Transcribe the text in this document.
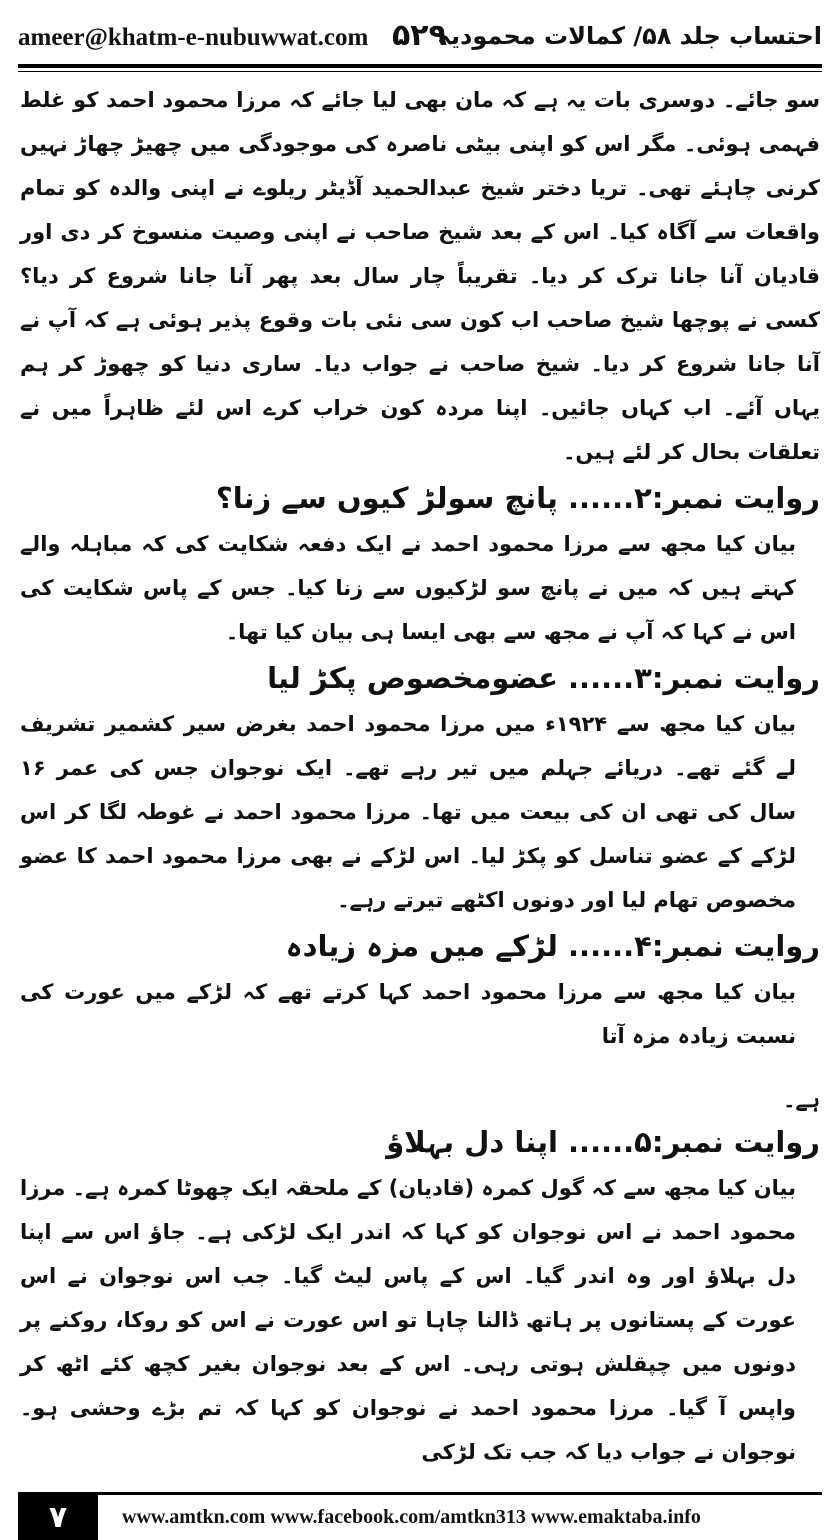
ameer@khatm-e-nubuwwat.com ۵۲۹
احتساب جلد ۵۸/ کمالات محمودیہ

سو جائے۔ دوسری بات یہ ہے کہ مان بھی لیا جائے کہ مرزا محمود احمد کو غلط فہمی ہوئی۔ مگر اس کو اپنی بیٹی ناصرہ کی موجودگی میں چھیڑ چھاڑ نہیں کرنی چاہئے تھی۔ تریا دختر شیخ عبدالحمید آڈیٹر ریلوے نے اپنی والدہ کو تمام واقعات سے آگاہ کیا۔ اس کے بعد شیخ صاحب نے اپنی وصیت منسوخ کر دی اور قادیان آنا جانا ترک کر دیا۔ تقریباً چار سال بعد پھر آنا جانا شروع کر دیا؟ کسی نے پوچھا شیخ صاحب اب کون سی نئی بات وقوع پذیر ہوئی ہے کہ آپ نے آنا جانا شروع کر دیا۔ شیخ صاحب نے جواب دیا۔ ساری دنیا کو چھوڑ کر ہم یہاں آئے۔ اب کہاں جائیں۔ اپنا مردہ کون خراب کرے اس لئے ظاہراً میں نے تعلقات بحال کر لئے ہیں۔

روایت نمبر:۲...... پانچ سولڑ کیوں سے زنا؟

بیان کیا مجھ سے مرزا محمود احمد نے ایک دفعہ شکایت کی کہ مباہلہ والے کہتے ہیں کہ میں نے پانچ سو لڑکیوں سے زنا کیا۔ جس کے پاس شکایت کی اس نے کہا کہ آپ نے مجھ سے بھی ایسا ہی بیان کیا تھا۔

روایت نمبر:۳...... عضومخصوص پکڑ لیا

بیان کیا مجھ سے ۱۹۲۴ء میں مرزا محمود احمد بغرض سیر کشمیر تشریف لے گئے تھے۔ دریائے جہلم میں تیر رہے تھے۔ ایک نوجوان جس کی عمر ۱۶ سال کی تھی ان کی بیعت میں تھا۔ مرزا محمود احمد نے غوطہ لگا کر اس لڑکے کے عضو تناسل کو پکڑ لیا۔ اس لڑکے نے بھی مرزا محمود احمد کا عضو مخصوص تھام لیا اور دونوں اکٹھے تیرتے رہے۔

روایت نمبر:۴...... لڑکے میں مزہ زیادہ

بیان کیا مجھ سے مرزا محمود احمد کہا کرتے تھے کہ لڑکے میں عورت کی نسبت زیادہ مزہ آتا

ہے۔

روایت نمبر:۵...... اپنا دل بہلاؤ

بیان کیا مجھ سے کہ گول کمرہ (قادیان) کے ملحقہ ایک چھوٹا کمرہ ہے۔ مرزا محمود احمد نے اس نوجوان کو کہا کہ اندر ایک لڑکی ہے۔ جاؤ اس سے اپنا دل بہلاؤ اور وہ اندر گیا۔ اس کے پاس لیٹ گیا۔ جب اس نوجوان نے اس عورت کے پستانوں پر ہاتھ ڈالنا چاہا تو اس عورت نے اس کو روکا، روکنے پر دونوں میں چپقلش ہوتی رہی۔ اس کے بعد نوجوان بغیر کچھ کئے اٹھ کر واپس آ گیا۔ مرزا محمود احمد نے نوجوان کو کہا کہ تم بڑے وحشی ہو۔ نوجوان نے جواب دیا کہ جب تک لڑکی

۷	www.amtkn.com www.facebook.com/amtkn313 www.emaktaba.info
